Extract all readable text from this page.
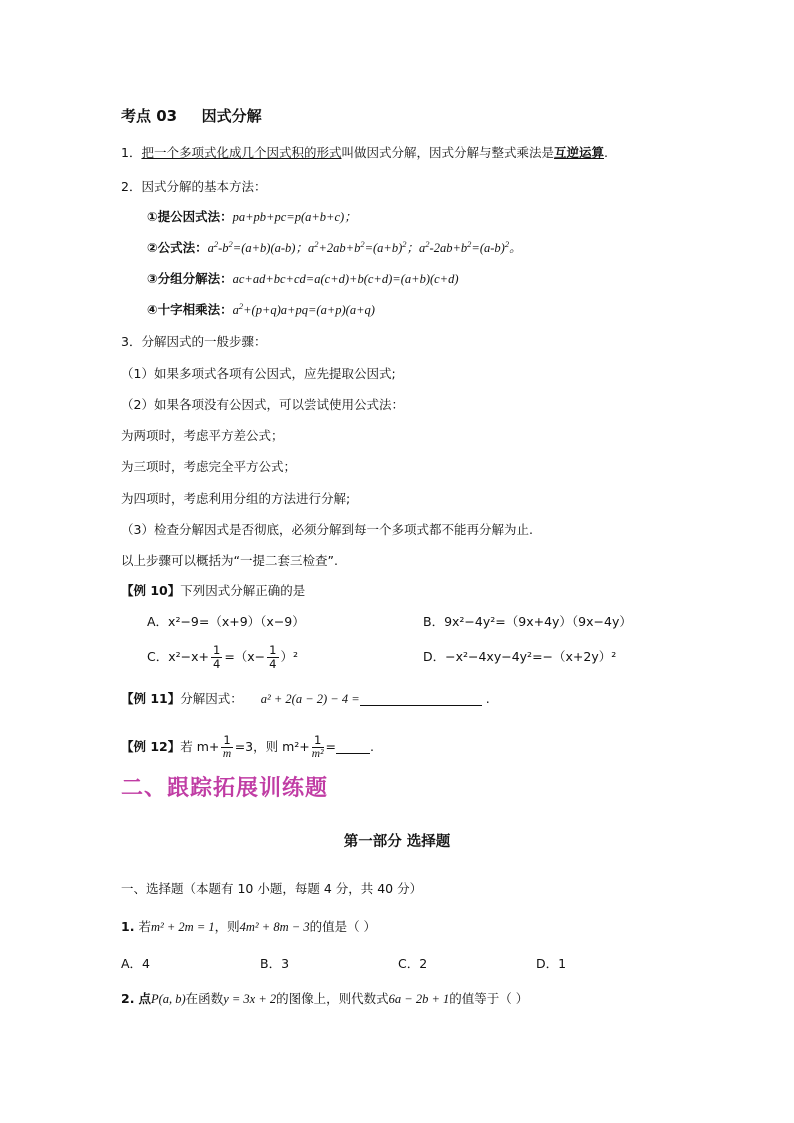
考点 03 因式分解
1．把一个多项式化成几个因式积的形式叫做因式分解，因式分解与整式乘法是互逆运算.
2．因式分解的基本方法：
①提公因式法：pa+pb+pc=p(a+b+c)；
②公式法：$a^2-b^2=(a+b)(a-b)$；$a^2+2ab+b^2=(a+b)^2$；$a^2-2ab+b^2=(a-b)^2$。
③分组分解法：ac+ad+bc+cd=a(c+d)+b(c+d)=(a+b)(c+d)
④十字相乘法：$a^2+(p+q)a+pq=(a+p)(a+q)$
3．分解因式的一般步骤：
（1）如果多项式各项有公因式，应先提取公因式;
（2）如果各项没有公因式，可以尝试使用公式法：
为两项时，考虑平方差公式；
为三项时，考虑完全平方公式；
为四项时，考虑利用分组的方法进行分解;
（3）检查分解因式是否彻底，必须分解到每一个多项式都不能再分解为止.
以上步骤可以概括为“一提二套三检查”.
【例 10】下列因式分解正确的是
A．x²−9=（x+9）（x−9）	B．9x²−4y²=（9x+4y）（9x−4y）
C．$x^2-x+ \frac{1}{4} =(x- \frac{1}{4} )^2$	D．−x²−4xy−4y²=−（x+2y）²
【例 11】分解因式： a² + 2(a − 2) − 4 =	.
【例 12】若 $m+ \frac{1}{m} =3$，则 $m^2+ \frac{1}{\text{m²}}$ =	.
二、跟踪拓展训练题
第一部分 选择题
一、选择题（本题有 10 小题，每题 4 分，共 40 分）
1. 若m² + 2m = 1，则4m² + 8m − 3的值是（ ）
A．4	B．3	C．2	D．1
2. 点P(a, b)在函数y = 3x + 2的图像上，则代数式6a − 2b + 1的值等于（ ）
